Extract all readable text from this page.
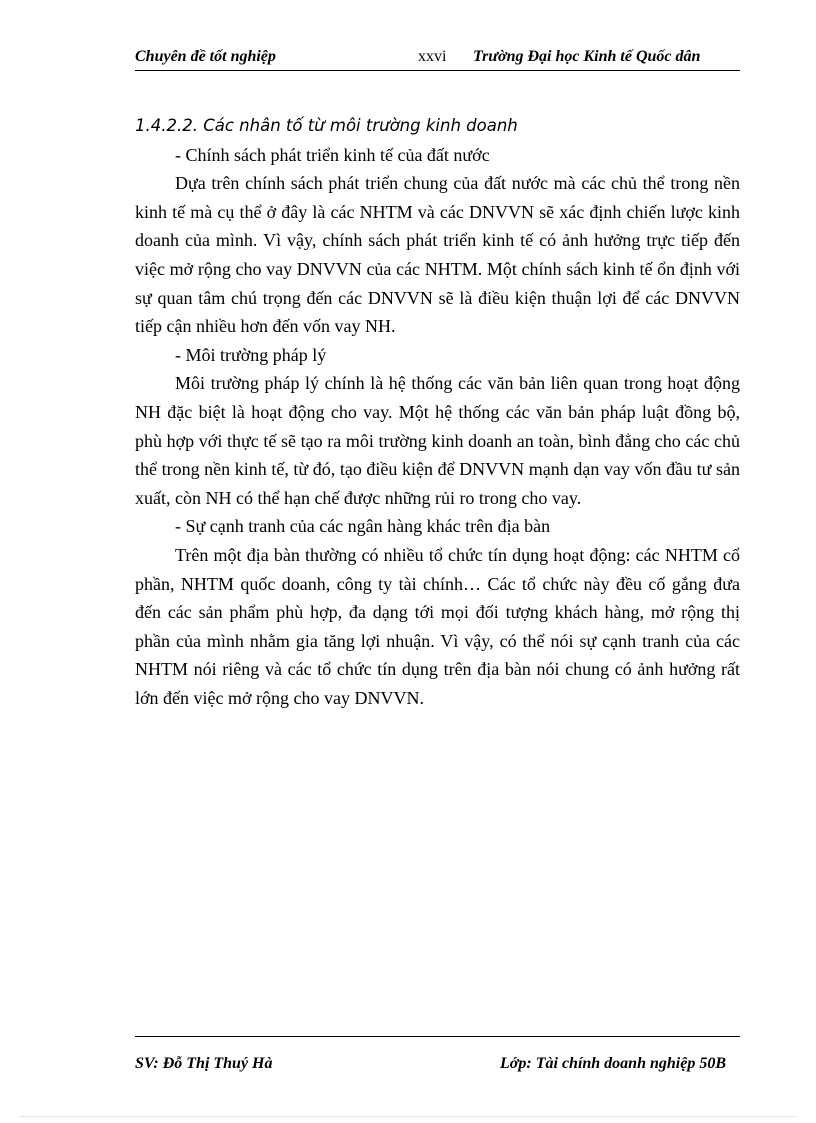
Chuyên đề tốt nghiệp	xxvi Trường Đại học Kinh tế Quốc dân

1.4.2.2. Các nhân tố từ môi trường kinh doanh

- Chính sách phát triển kinh tế của đất nước

Dựa trên chính sách phát triển chung của đất nước mà các chủ thể trong nền kinh tế mà cụ thể ở đây là các NHTM và các DNVVN sẽ xác định chiến lược kinh doanh của mình. Vì vậy, chính sách phát triển kinh tế có ảnh hưởng trực tiếp đến việc mở rộng cho vay DNVVN của các NHTM. Một chính sách kinh tế ổn định với sự quan tâm chú trọng đến các DNVVN sẽ là điều kiện thuận lợi để các DNVVN tiếp cận nhiều hơn đến vốn vay NH.

- Môi trường pháp lý

Môi trường pháp lý chính là hệ thống các văn bản liên quan trong hoạt động NH đặc biệt là hoạt động cho vay. Một hệ thống các văn bản pháp luật đồng bộ, phù hợp với thực tế sẽ tạo ra môi trường kinh doanh an toàn, bình đẳng cho các chủ thể trong nền kinh tế, từ đó, tạo điều kiện để DNVVN mạnh dạn vay vốn đầu tư sản xuất, còn NH có thể hạn chế được những rủi ro trong cho vay.

- Sự cạnh tranh của các ngân hàng khác trên địa bàn

Trên một địa bàn thường có nhiều tổ chức tín dụng hoạt động: các NHTM cổ phần, NHTM quốc doanh, công ty tài chính… Các tổ chức này đều cố gắng đưa đến các sản phẩm phù hợp, đa dạng tới mọi đối tượng khách hàng, mở rộng thị phần của mình nhằm gia tăng lợi nhuận. Vì vậy, có thể nói sự cạnh tranh của các NHTM nói riêng và các tổ chức tín dụng trên địa bàn nói chung có ảnh hưởng rất lớn đến việc mở rộng cho vay DNVVN.

SV: Đỗ Thị Thuý Hà	Lớp: Tài chính doanh nghiệp 50B
